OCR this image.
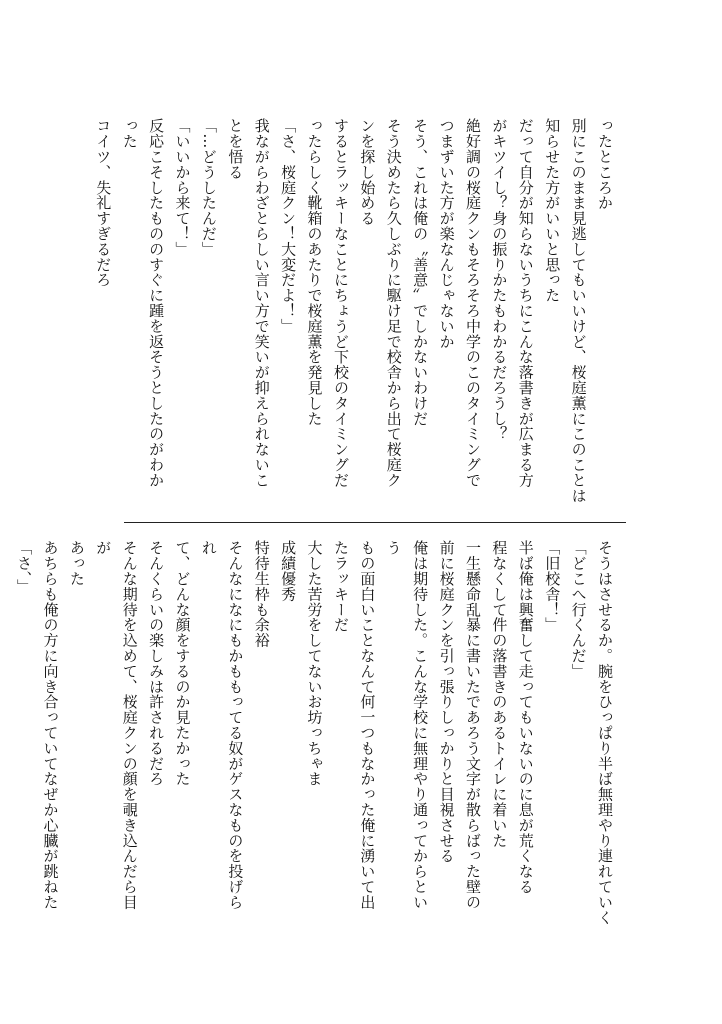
ったところか

別にこのまま見逃してもいいけど、桜庭薫にこのことは

知らせた方がいいと思った

だって自分が知らないうちにこんな落書きが広まる方

がキツイし？身の振りかたもわかるだろうし？

絶好調の桜庭クンもそろそろ中学のこのタイミングで

つまずいた方が楽なんじゃないか

そう、これは俺の〝善意〟でしかないわけだ

そう決めたら久しぶりに駆け足で校舎から出て桜庭ク

ンを探し始める

するとラッキーなことにちょうど下校のタイミングだ

ったらしく靴箱のあたりで桜庭薫を発見した

「さ、桜庭クン！大変だよ！」

我ながらわざとらしい言い方で笑いが抑えられないこ

とを悟る

「…どうしたんだ」

「いいから来て！」

反応こそしたもののすぐに踵を返そうとしたのがわか

った

コイツ、失礼すぎるだろ

そうはさせるか。腕をひっぱり半ば無理やり連れていく

「どこへ行くんだ」

「旧校舎！」

半ば俺は興奮して走ってもいないのに息が荒くなる

程なくして件の落書きのあるトイレに着いた

一生懸命乱暴に書いたであろう文字が散らばった壁の

前に桜庭クンを引っ張りしっかりと目視させる

俺は期待した。こんな学校に無理やり通ってからとい

う

もの面白いことなんて何一つもなかった俺に湧いて出

たラッキーだ

大した苦労をしてないお坊っちゃま

成績優秀

特待生枠も余裕

そんなになにもかももってる奴がゲスなものを投げら

れ

て、どんな顔をするのか見たかった

そんくらいの楽しみは許されるだろ

そんな期待を込めて、桜庭クンの顔を覗き込んだら目

が

あった

あちらも俺の方に向き合っていてなぜか心臓が跳ねた

「さ、」
